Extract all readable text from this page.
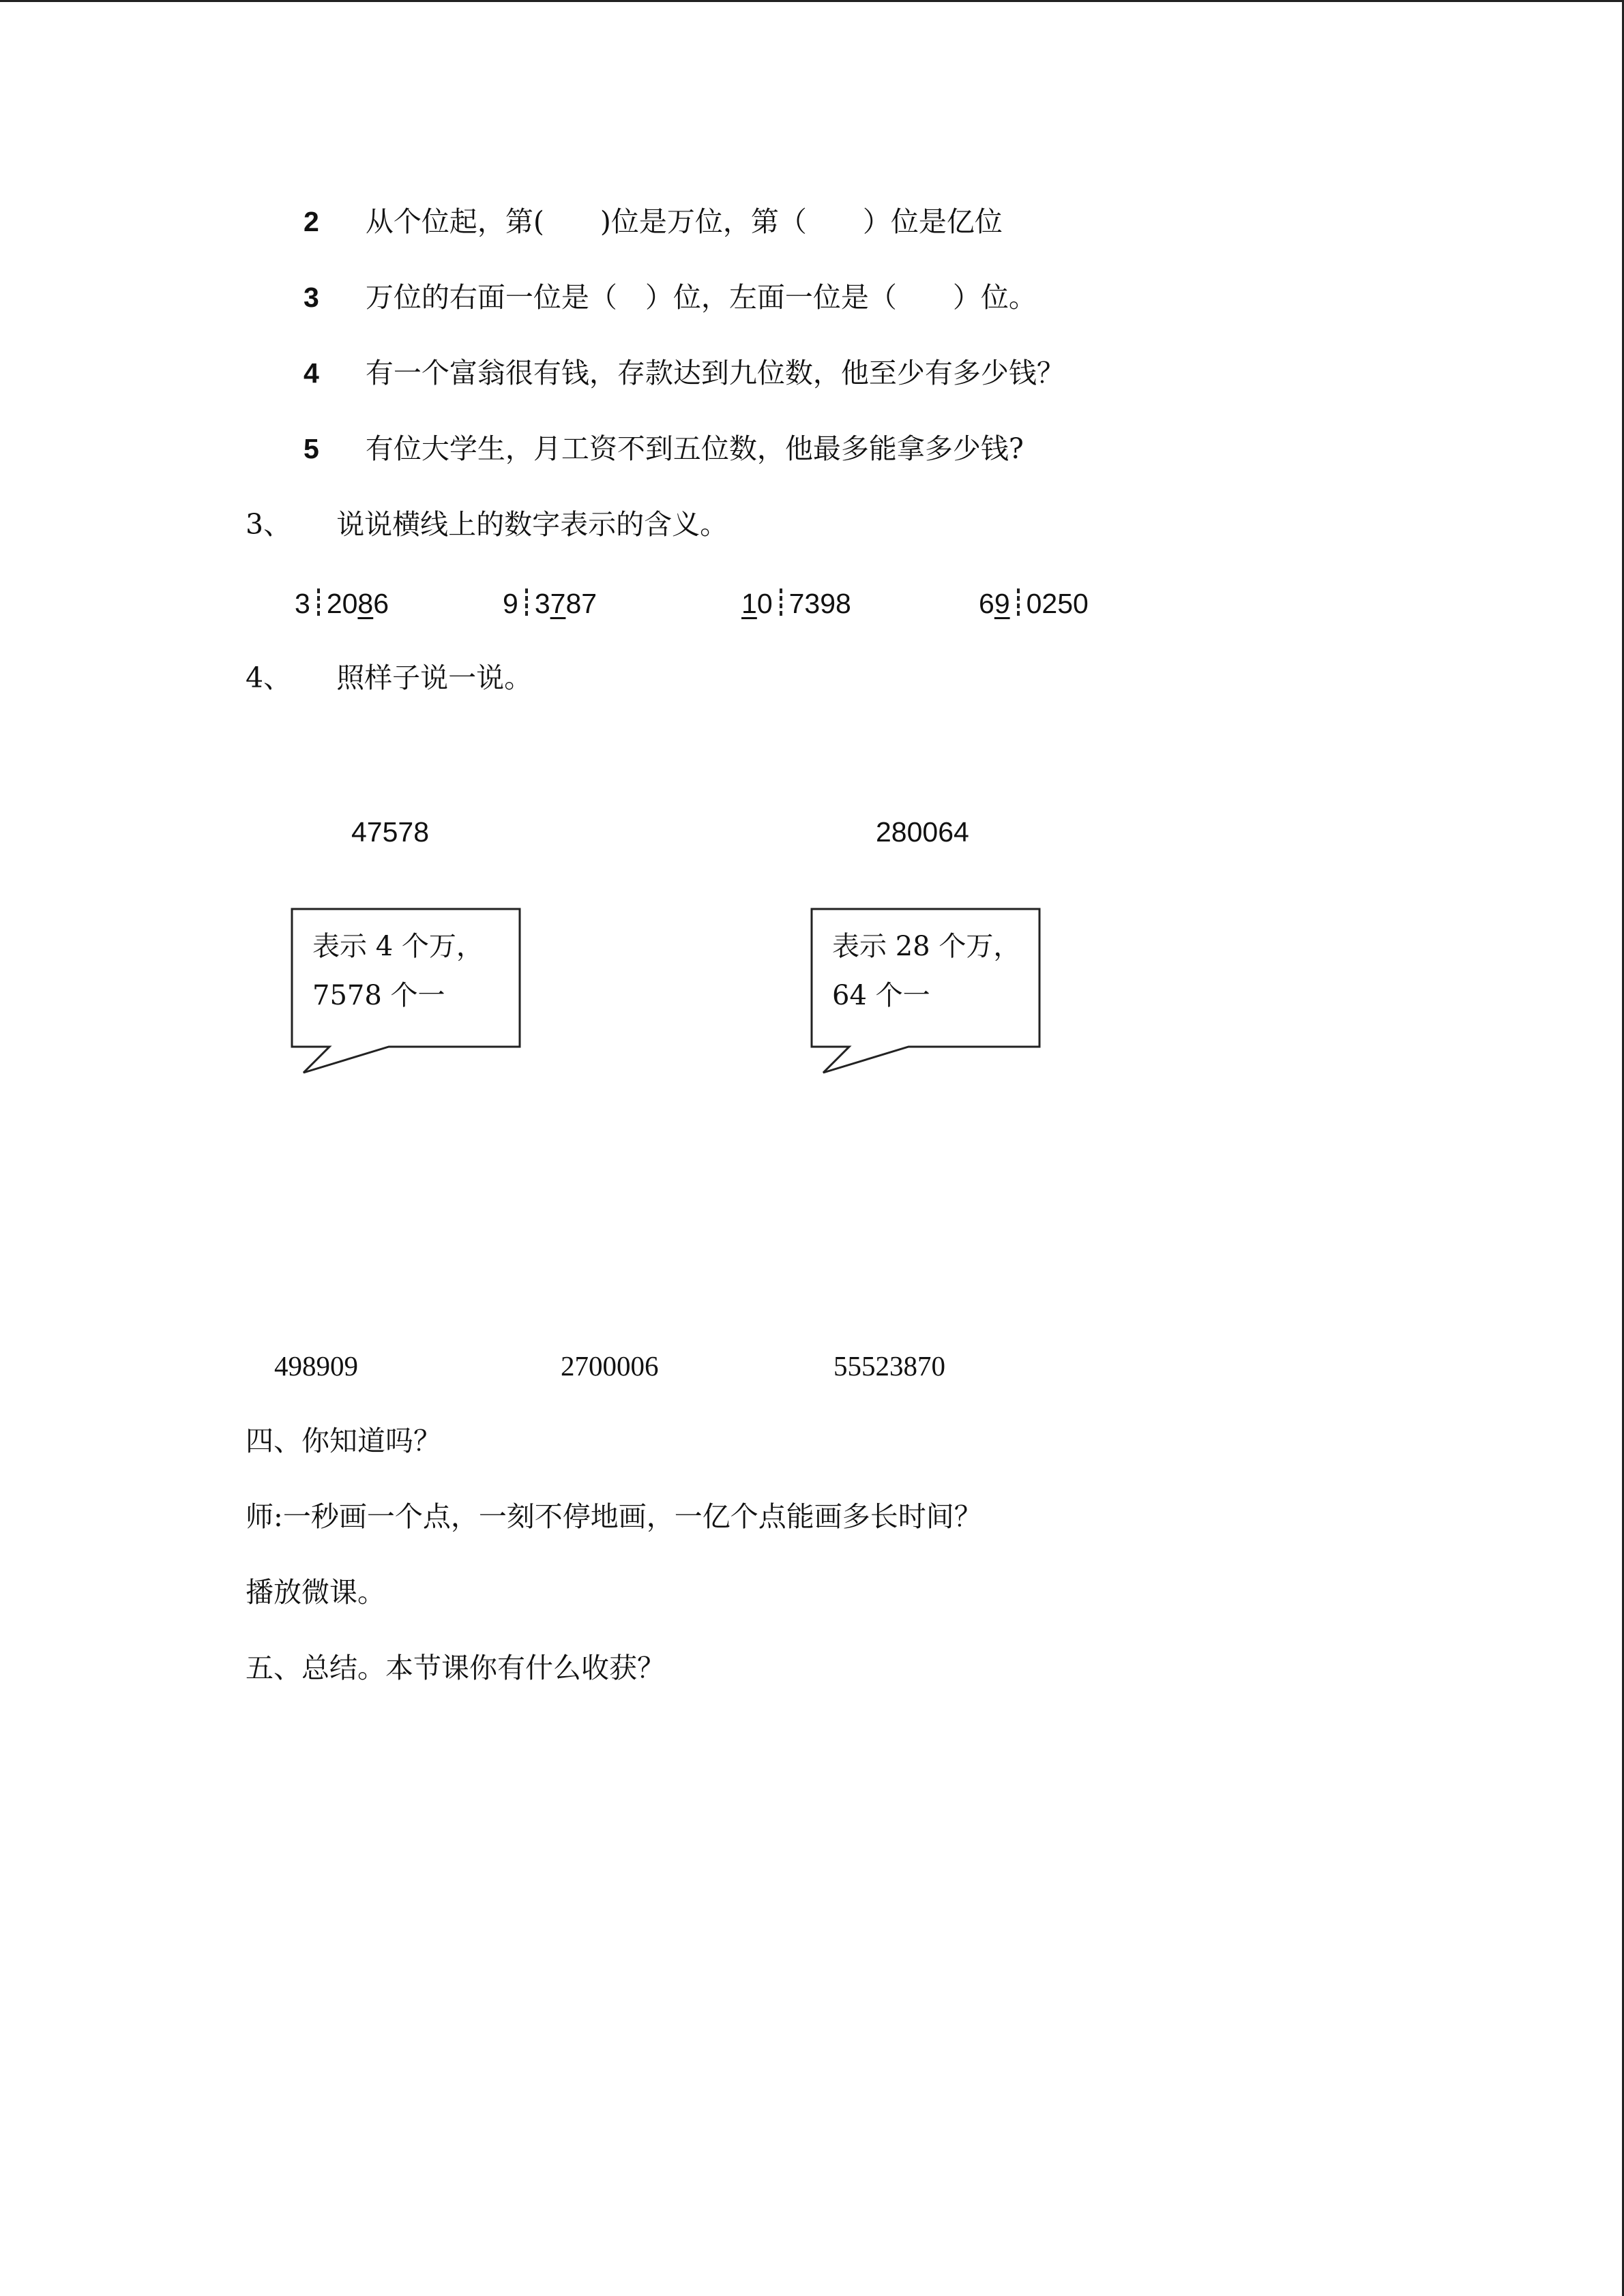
2 从个位起，第(　　)位是万位，第（　　）位是亿位
3 万位的右面一位是（　）位，左面一位是（　　）位。
4 有一个富翁很有钱，存款达到九位数，他至少有多少钱？
5 有位大学生，月工资不到五位数，他最多能拿多少钱?
3、 说说横线上的数字表示的含义。
3 2086	9 3787	10 7398	69 0250
4、 照样子说一说。
47578
表示 4 个万，
7578 个一
280064
表示 28 个万，
64 个一
498909	2700006	55523870
四、你知道吗？
师:一秒画一个点，一刻不停地画，一亿个点能画多长时间？
播放微课。
五、总结。本节课你有什么收获？
